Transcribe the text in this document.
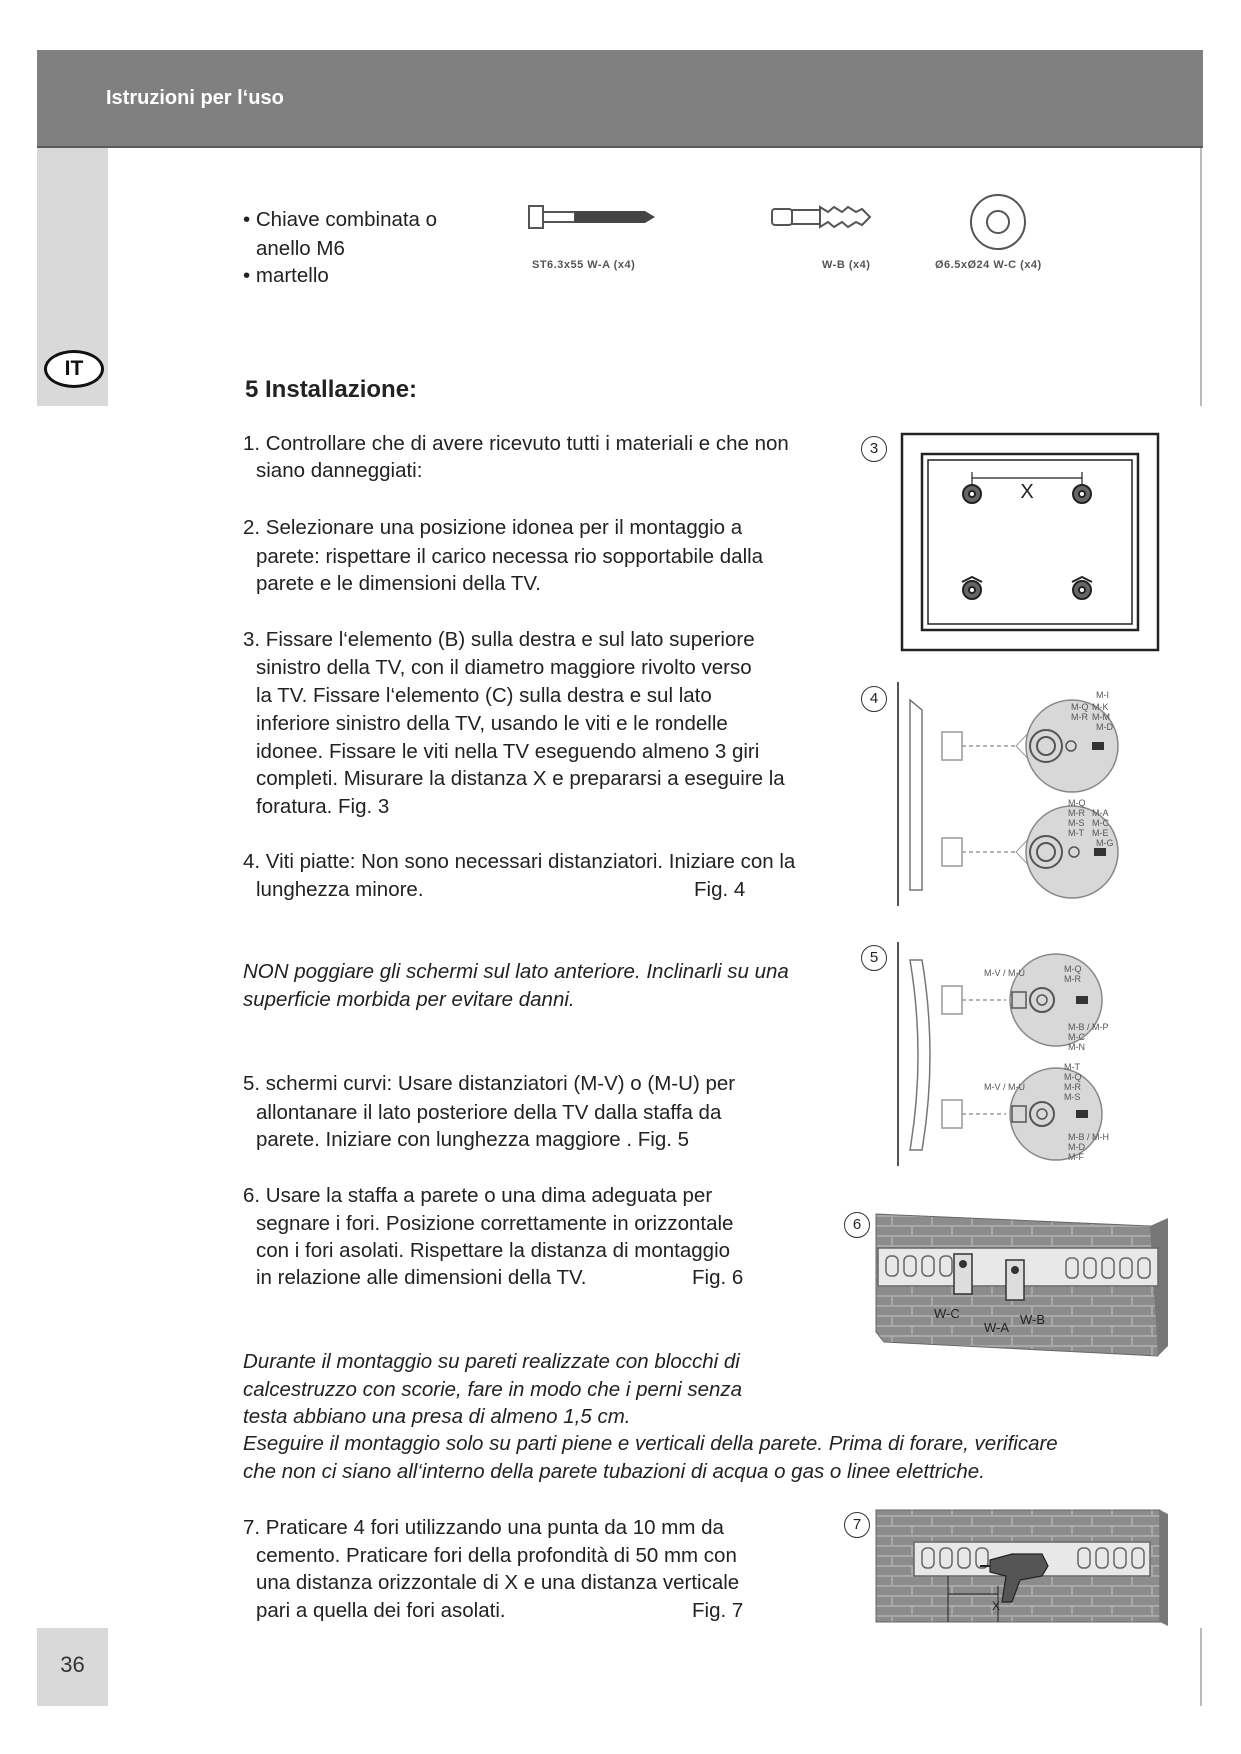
Istruzioni per l‘uso
IT
36
• Chiave combinata o
anello M6
• martello	ST6.3x55 W-A (x4)	W-B (x4)	Ø6.5xØ24 W-C (x4)
5 Installazione:
1. Controllare che di avere ricevuto tutti i materiali e che non
siano danneggiati:
2. Selezionare una posizione idonea per il montaggio a
parete: rispettare il carico necessa rio sopportabile dalla
parete e le dimensioni della TV.
3. Fissare l‘elemento (B) sulla destra e sul lato superiore
sinistro della TV, con il diametro maggiore rivolto verso
la TV. Fissare l‘elemento (C) sulla destra e sul lato
inferiore sinistro della TV, usando le viti e le rondelle
idonee. Fissare le viti nella TV eseguendo almeno 3 giri
completi. Misurare la distanza X e prepararsi a eseguire la
foratura. Fig. 3
4. Viti piatte: Non sono necessari distanziatori. Iniziare con la
lunghezza minore.	Fig. 4
NON poggiare gli schermi sul lato anteriore. Inclinarli su una
superficie morbida per evitare danni.
5. schermi curvi: Usare distanziatori (M-V) o (M-U) per
allontanare il lato posteriore della TV dalla staffa da
parete. Iniziare con lunghezza maggiore . Fig. 5
6. Usare la staffa a parete o una dima adeguata per
segnare i fori. Posizione correttamente in orizzontale
con i fori asolati. Rispettare la distanza di montaggio
in relazione alle dimensioni della TV.	Fig. 6
Durante il montaggio su pareti realizzate con blocchi di
calcestruzzo con scorie, fare in modo che i perni senza
testa abbiano una presa di almeno 1,5 cm.
Eseguire il montaggio solo su parti piene e verticali della parete. Prima di forare, verificare
che non ci siano all‘interno della parete tubazioni di acqua o gas o linee elettriche.
7. Praticare 4 fori utilizzando una punta da 10 mm da
cemento. Praticare fori della profondità di 50 mm con
una distanza orizzontale di X e una distanza verticale
pari a quella dei fori asolati.	Fig. 7
3
4
5
6
7
X
M-I
M-Q M-K
M-R M-M
M-D
M-Q
M-R M-A
M-S M-C
M-T M-E
M-G
M-V / M-U	M-Q
M-R
M-B / M-P
M-C
M-N
M-T
M-Q
M-V / M-U	M-R
M-S
M-B / M-H
M-D
M-F
W-C
W-A
W-B
X
